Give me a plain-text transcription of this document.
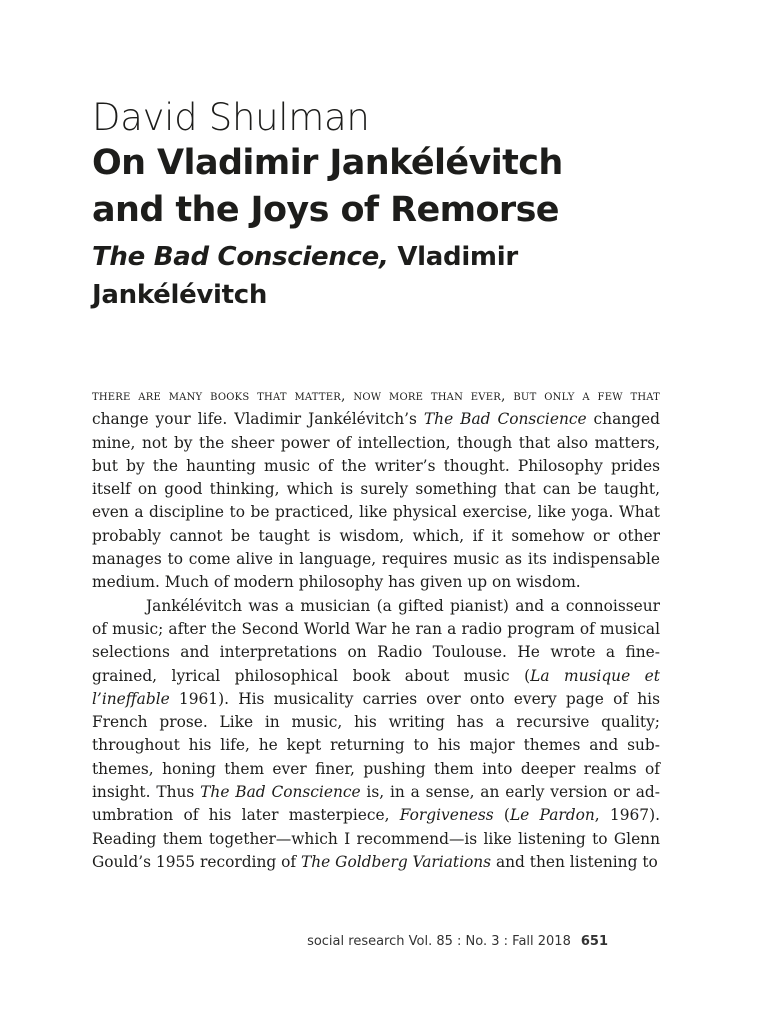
David Shulman
On Vladimir Jankélévitch
and the Joys of Remorse
The Bad Conscience, Vladimir Jankélévitch

there are many books that matter, now more than ever, but only a few that change your life. Vladimir Jankélévitch’s The Bad Conscience changed mine, not by the sheer power of intellection, though that also matters, but by the haunting music of the writer’s thought. Philosophy prides itself on good thinking, which is surely something that can be taught, even a discipline to be practiced, like physical exercise, like yoga. What probably cannot be taught is wisdom, which, if it somehow or other manages to come alive in language, requires music as its indispensable medium. Much of modern philosophy has given up on wisdom.

Jankélévitch was a musician (a gifted pianist) and a connoisseur of music; after the Second World War he ran a radio program of musical selections and interpretations on Radio Toulouse. He wrote a fine-grained, lyrical philosophical book about music (La musique et l’ineffable 1961). His musicality carries over onto every page of his French prose. Like in music, his writing has a recursive quality; throughout his life, he kept returning to his major themes and subthemes, honing them ever finer, pushing them into deeper realms of insight. Thus The Bad Conscience is, in a sense, an early version or adumbration of his later masterpiece, Forgiveness (Le Pardon, 1967). Reading them together—which I recommend—is like listening to Glenn Gould’s 1955 recording of The Goldberg Variations and then listening to

social research Vol. 85 : No. 3 : Fall 2018 651
